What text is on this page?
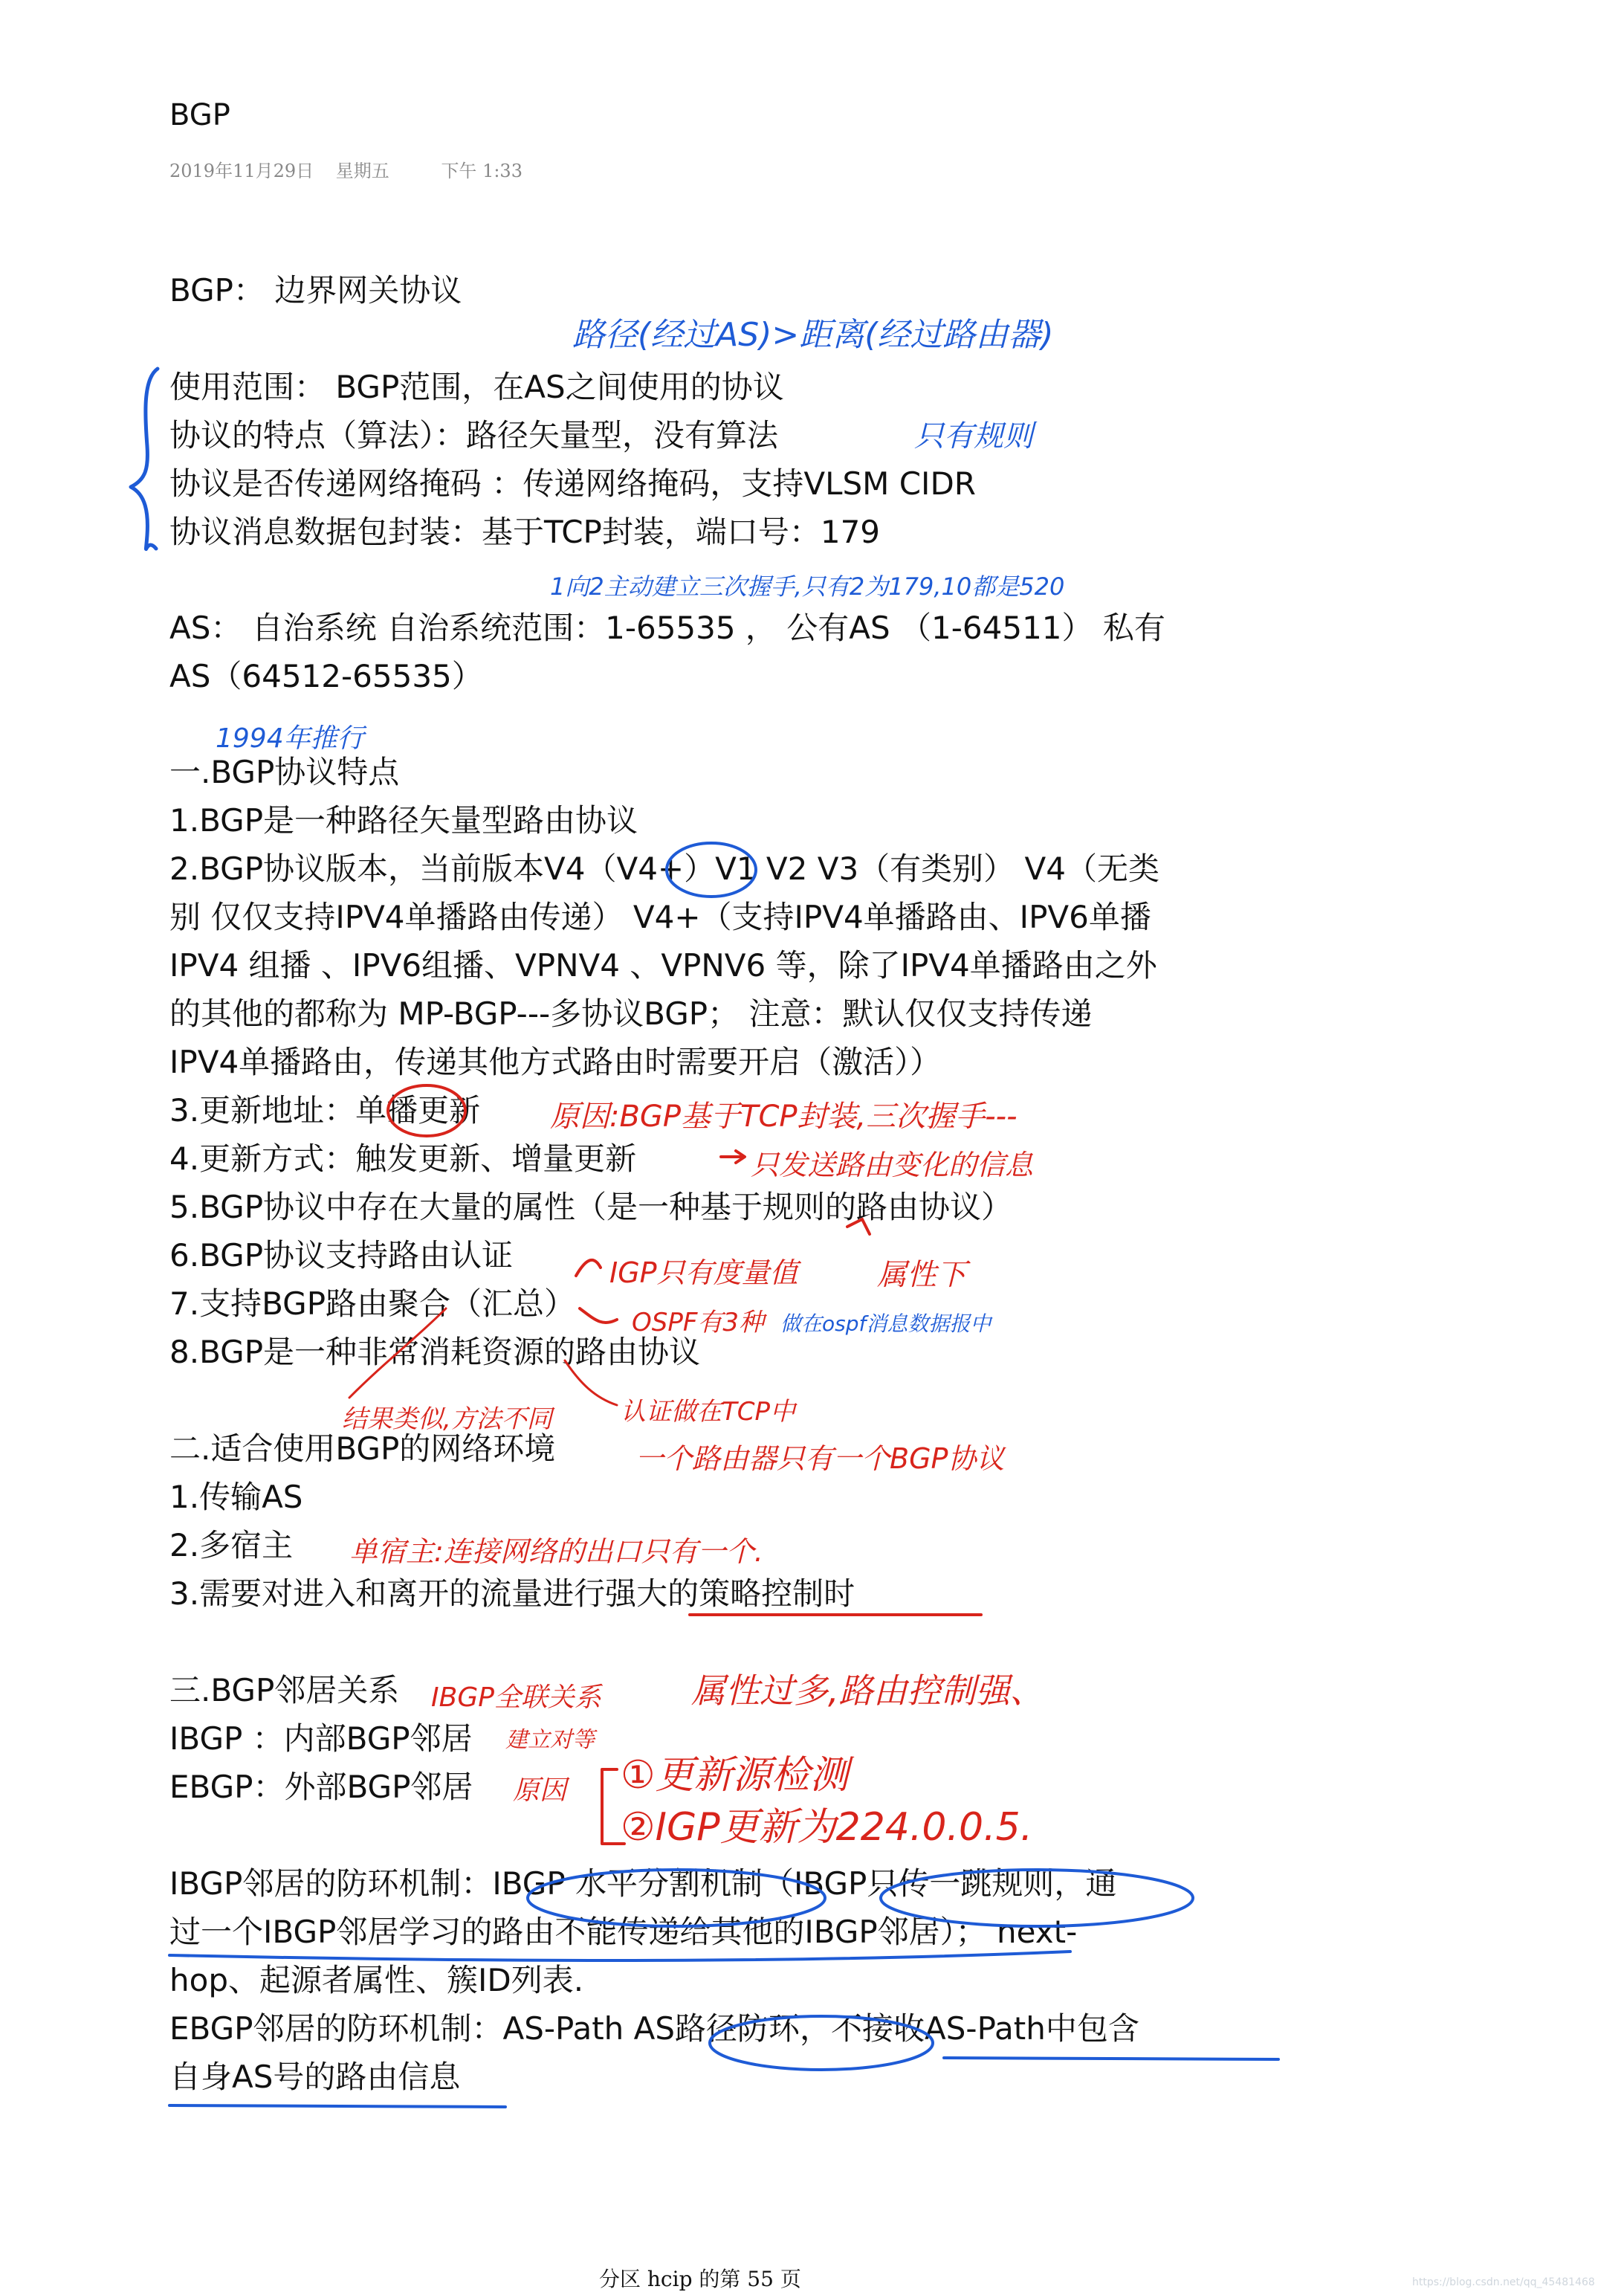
BGP
2019年11月29日 星期五	下午 1:33
BGP： 边界网关协议
使用范围： BGP范围，在AS之间使用的协议
协议的特点（算法）：路径矢量型，没有算法
协议是否传递网络掩码 ：传递网络掩码，支持VLSM CIDR
协议消息数据包封装：基于TCP封装，端口号：179
AS： 自治系统 自治系统范围：1-65535 ， 公有AS （1-64511） 私有
AS（64512-65535）
一.BGP协议特点
1.BGP是一种路径矢量型路由协议
2.BGP协议版本，当前版本V4（V4+）V1 V2 V3（有类别） V4（无类
别 仅仅支持IPV4单播路由传递） V4+（支持IPV4单播路由、IPV6单播
IPV4 组播 、IPV6组播、VPNV4 、VPNV6 等，除了IPV4单播路由之外
的其他的都称为 MP-BGP---多协议BGP； 注意：默认仅仅支持传递
IPV4单播路由，传递其他方式路由时需要开启（激活））
3.更新地址：单播更新
4.更新方式：触发更新、增量更新
5.BGP协议中存在大量的属性（是一种基于规则的路由协议）
6.BGP协议支持路由认证
7.支持BGP路由聚合（汇总）
8.BGP是一种非常消耗资源的路由协议
二.适合使用BGP的网络环境
1.传输AS
2.多宿主
3.需要对进入和离开的流量进行强大的策略控制时
三.BGP邻居关系
IBGP ：内部BGP邻居
EBGP：外部BGP邻居
IBGP邻居的防环机制：IBGP 水平分割机制（IBGP只传一跳规则，通
过一个IBGP邻居学习的路由不能传递给其他的IBGP邻居）； next-
hop、起源者属性、簇ID列表.
EBGP邻居的防环机制：AS-Path AS路径防环，不接收AS-Path中包含
自身AS号的路由信息
路径(经过AS)>距离(经过路由器)
只有规则
1向2主动建立三次握手,只有2为179,10都是520
1994年推行
原因:BGP基于TCP封装,三次握手---
只发送路由变化的信息
IGP只有度量值	属性下
OSPF有3种 做在ospf消息数据报中
结果类似,方法不同	认证做在TCP中
一个路由器只有一个BGP协议
单宿主:连接网络的出口只有一个.
IBGP全联关系	属性过多,路由控制强、
建立对等
原因 ①更新源检测
②IGP更新为224.0.0.5.
分区 hcip 的第 55 页	https://blog.csdn.net/qq_45481468
